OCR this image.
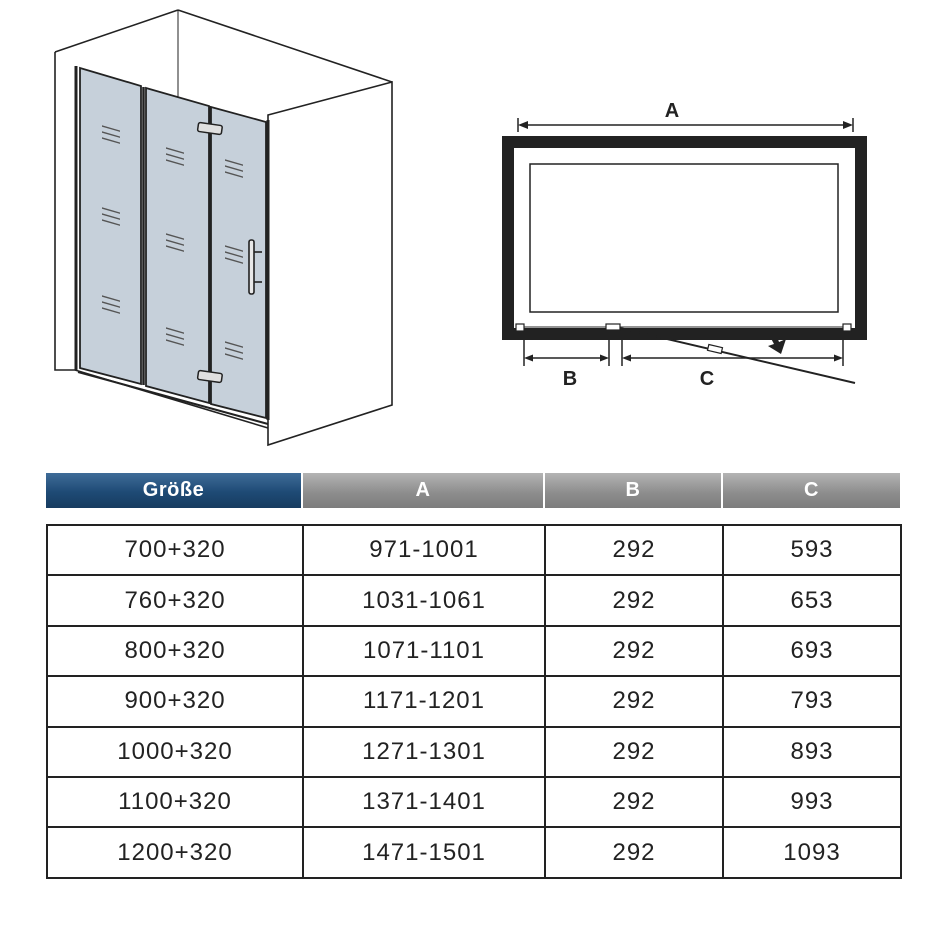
A
B	C
Größe	A	B	C
700+320	971-1001	292	593
760+320	1031-1061	292	653
800+320	1071-1101	292	693
900+320	1171-1201	292	793
1000+320	1271-1301	292	893
1100+320	1371-1401	292	993
1200+320	1471-1501	292	1093
